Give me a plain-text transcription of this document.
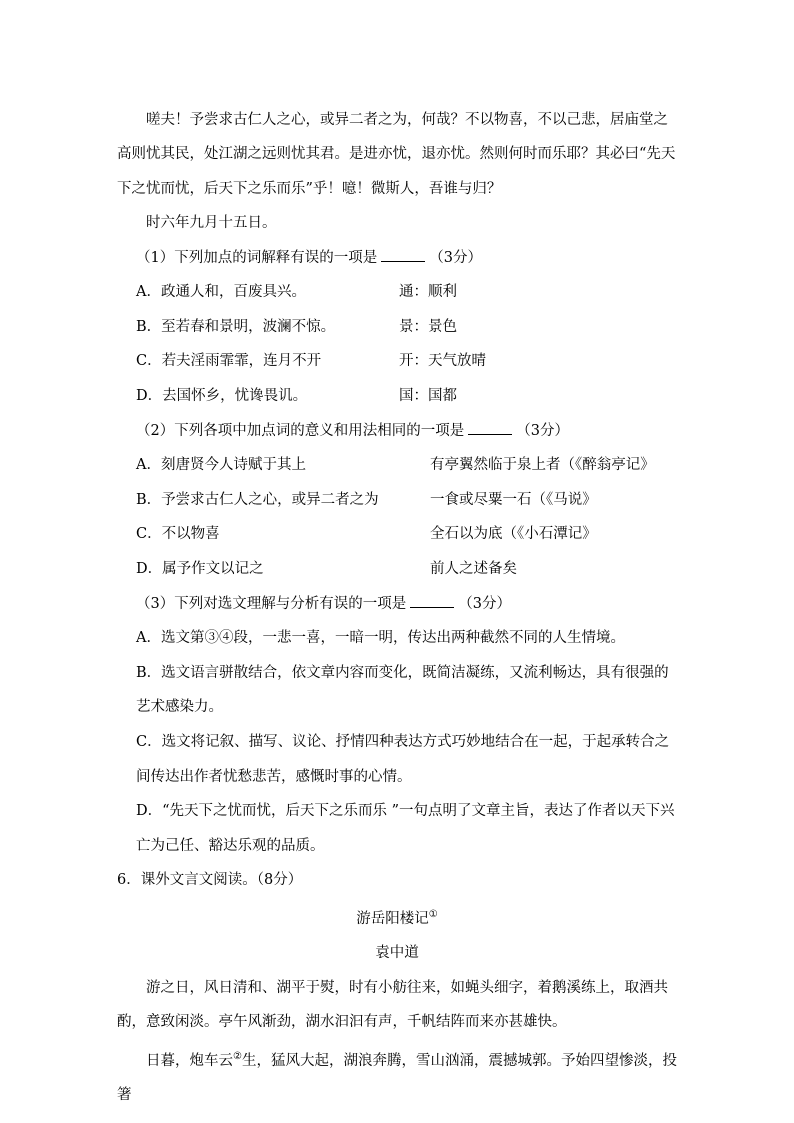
嗟夫！予尝求古仁人之心，或异二者之为，何哉？不以物喜，不以己悲，居庙堂之高则忧其民，处江湖之远则忧其君。是进亦忧，退亦忧。然则何时而乐耶？其必曰“先天下之忧而忧，后天下之乐而乐”乎！噫！微斯人，吾谁与归？

时六年九月十五日。

（1）下列加点的词解释有误的一项是	（3分）

A．政通人和，百废具兴。	通：顺利
B．至若春和景明，波澜不惊。	景：景色
C．若夫淫雨霏霏，连月不开	开：天气放晴
D．去国怀乡，忧谗畏讥。	国：国都

（2）下列各项中加点词的意义和用法相同的一项是	（3分）

A．刻唐贤今人诗赋于其上	有亭翼然临于泉上者（《醉翁亭记》
B．予尝求古仁人之心，或异二者之为	一食或尽粟一石（《马说》
C．不以物喜	全石以为底（《小石潭记》
D．属予作文以记之	前人之述备矣

（3）下列对选文理解与分析有误的一项是	（3分）

A．选文第③④段，一悲一喜，一暗一明，传达出两种截然不同的人生情境。

B．选文语言骈散结合，依文章内容而变化，既简洁凝练，又流利畅达，具有很强的艺术感染力。

C．选文将记叙、描写、议论、抒情四种表达方式巧妙地结合在一起，于起承转合之间传达出作者忧愁悲苦，感慨时事的心情。

D．“先天下之忧而忧，后天下之乐而乐 ”一句点明了文章主旨，表达了作者以天下兴亡为己任、豁达乐观的品质。

6．课外文言文阅读。（8分）

游岳阳楼记①

袁中道

游之日，风日清和、湖平于熨，时有小舫往来，如蝇头细字，着鹅溪练上，取酒共酌，意致闲淡。亭午风渐劲，湖水汩汩有声，千帆结阵而来亦甚雄快。

日暮，炮车云②生，猛风大起，湖浪奔腾，雪山汹涌，震撼城郭。予始四望惨淡，投箸
